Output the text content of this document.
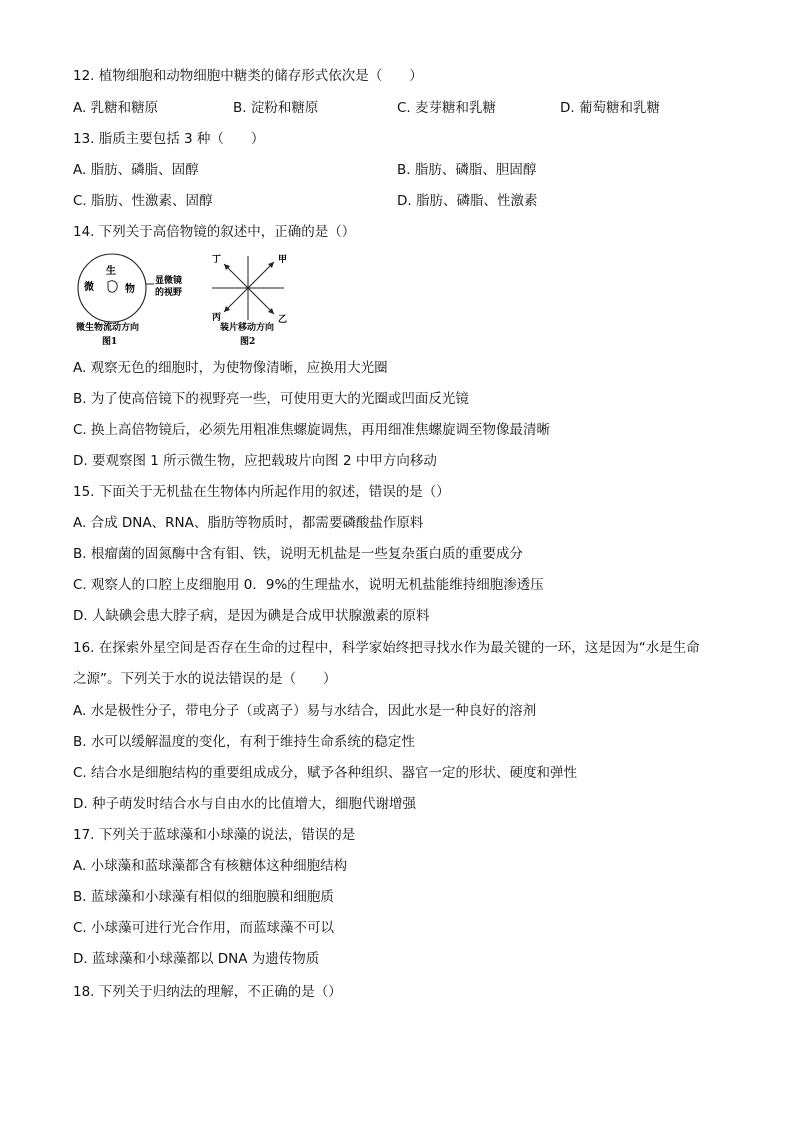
12. 植物细胞和动物细胞中糖类的储存形式依次是（　　）
A. 乳糖和糖原	B. 淀粉和糖原	C. 麦芽糖和乳糖	D. 葡萄糖和乳糖
13. 脂质主要包括 3 种（　　）
A. 脂肪、磷脂、固醇	B. 脂肪、磷脂、胆固醇
C. 脂肪、性激素、固醇	D. 脂肪、磷脂、性激素
14. 下列关于高倍物镜的叙述中，正确的是（）
生
物
微
显微镜
的视野
微生物流动方向
图1
丁	甲
丙	乙
装片移动方向
图2
A. 观察无色的细胞时，为使物像清晰，应换用大光圈
B. 为了使高倍镜下的视野亮一些，可使用更大的光圈或凹面反光镜
C. 换上高倍物镜后，必须先用粗准焦螺旋调焦，再用细准焦螺旋调至物像最清晰
D. 要观察图 1 所示微生物，应把载玻片向图 2 中甲方向移动
15. 下面关于无机盐在生物体内所起作用的叙述，错误的是（）
A. 合成 DNA、RNA、脂肪等物质时，都需要磷酸盐作原料
B. 根瘤菌的固氮酶中含有钼、铁，说明无机盐是一些复杂蛋白质的重要成分
C. 观察人的口腔上皮细胞用 0．9%的生理盐水，说明无机盐能维持细胞渗透压
D. 人缺碘会患大脖子病，是因为碘是合成甲状腺激素的原料
16. 在探索外星空间是否存在生命的过程中，科学家始终把寻找水作为最关键的一环，这是因为“水是生命
之源”。下列关于水的说法错误的是（　　）
A. 水是极性分子，带电分子（或离子）易与水结合，因此水是一种良好的溶剂
B. 水可以缓解温度的变化，有利于维持生命系统的稳定性
C. 结合水是细胞结构的重要组成成分，赋予各种组织、器官一定的形状、硬度和弹性
D. 种子萌发时结合水与自由水的比值增大，细胞代谢增强
17. 下列关于蓝球藻和小球藻的说法，错误的是
A. 小球藻和蓝球藻都含有核糖体这种细胞结构
B. 蓝球藻和小球藻有相似的细胞膜和细胞质
C. 小球藻可进行光合作用，而蓝球藻不可以
D. 蓝球藻和小球藻都以 DNA 为遗传物质
18. 下列关于归纳法的理解，不正确的是（）
